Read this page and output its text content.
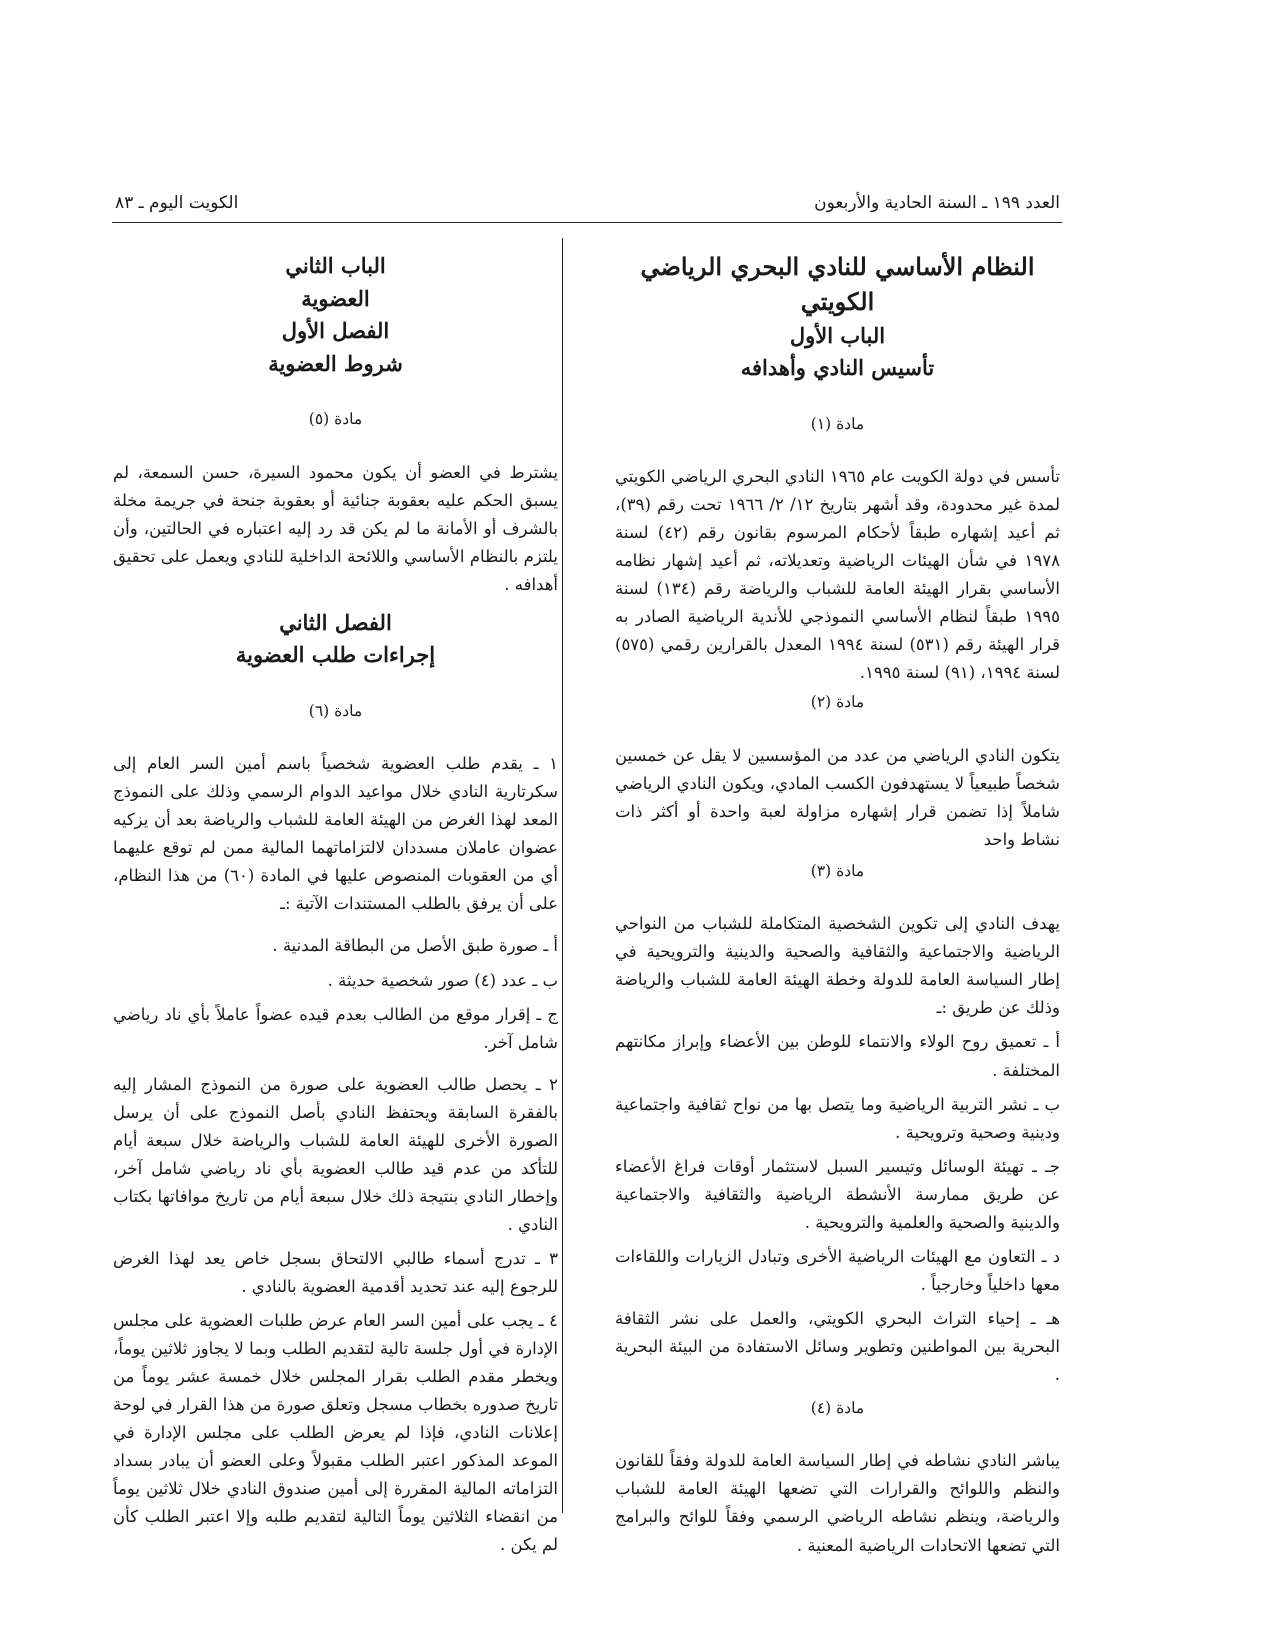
العدد ١٩٩ ـ السنة الحادية والأربعون
الكويت اليوم ـ ٨٣
النظام الأساسي للنادي البحري الرياضي الكويتي
الباب الأول
تأسيس النادي وأهدافه
مادة (١)

تأسس في دولة الكويت عام ١٩٦٥ النادي البحري الرياضي الكويتي لمدة غير محدودة، وقد أشهر بتاريخ ١٢/ ٢/ ١٩٦٦ تحت رقم (٣٩)، ثم أعيد إشهاره طبقاً لأحكام المرسوم بقانون رقم (٤٢) لسنة ١٩٧٨ في شأن الهيئات الرياضية وتعديلاته، ثم أعيد إشهار نظامه الأساسي بقرار الهيئة العامة للشباب والرياضة رقم (١٣٤) لسنة ١٩٩٥ طبقاً لنظام الأساسي النموذجي للأندية الرياضية الصادر به قرار الهيئة رقم (٥٣١) لسنة ١٩٩٤ المعدل بالقرارين رقمي (٥٧٥) لسنة ١٩٩٤، (٩١) لسنة ١٩٩٥.

مادة (٢)

يتكون النادي الرياضي من عدد من المؤسسين لا يقل عن خمسين شخصاً طبيعياً لا يستهدفون الكسب المادي، ويكون النادي الرياضي شاملاً إذا تضمن قرار إشهاره مزاولة لعبة واحدة أو أكثر ذات نشاط واحد

مادة (٣)

يهدف النادي إلى تكوين الشخصية المتكاملة للشباب من النواحي الرياضية والاجتماعية والثقافية والصحية والدينية والترويحية في إطار السياسة العامة للدولة وخطة الهيئة العامة للشباب والرياضة وذلك عن طريق :ـ

أ ـ تعميق روح الولاء والانتماء للوطن بين الأعضاء وإبراز مكانتهم المختلفة .

ب ـ نشر التربية الرياضية وما يتصل بها من نواح ثقافية واجتماعية ودينية وصحية وترويحية .

جـ ـ تهيئة الوسائل وتيسير السبل لاستثمار أوقات فراغ الأعضاء عن طريق ممارسة الأنشطة الرياضية والثقافية والاجتماعية والدينية والصحية والعلمية والترويحية .

د ـ التعاون مع الهيئات الرياضية الأخرى وتبادل الزيارات واللقاءات معها داخلياً وخارجياً .

هـ ـ إحياء التراث البحري الكويتي، والعمل على نشر الثقافة البحرية بين المواطنين وتطوير وسائل الاستفادة من البيئة البحرية .

مادة (٤)

يباشر النادي نشاطه في إطار السياسة العامة للدولة وفقاً للقانون والنظم واللوائح والقرارات التي تضعها الهيئة العامة للشباب والرياضة، وينظم نشاطه الرياضي الرسمي وفقاً للوائح والبرامج التي تضعها الاتحادات الرياضية المعنية .

الباب الثاني
العضوية
الفصل الأول
شروط العضوية
مادة (٥)

يشترط في العضو أن يكون محمود السيرة، حسن السمعة، لم يسبق الحكم عليه بعقوبة جنائية أو بعقوبة جنحة في جريمة مخلة بالشرف أو الأمانة ما لم يكن قد رد إليه اعتباره في الحالتين، وأن يلتزم بالنظام الأساسي واللائحة الداخلية للنادي ويعمل على تحقيق أهدافه .

الفصل الثاني
إجراءات طلب العضوية
مادة (٦)

١ ـ يقدم طلب العضوية شخصياً باسم أمين السر العام إلى سكرتارية النادي خلال مواعيد الدوام الرسمي وذلك على النموذج المعد لهذا الغرض من الهيئة العامة للشباب والرياضة بعد أن يزكيه عضوان عاملان مسددان لالتزاماتهما المالية ممن لم توقع عليهما أي من العقوبات المنصوص عليها في المادة (٦٠) من هذا النظام، على أن يرفق بالطلب المستندات الآتية :ـ

أ ـ صورة طبق الأصل من البطاقة المدنية .

ب ـ عدد (٤) صور شخصية حديثة .

ج ـ إقرار موقع من الطالب بعدم قيده عضواً عاملاً بأي ناد رياضي شامل آخر.

٢ ـ يحصل طالب العضوية على صورة من النموذج المشار إليه بالفقرة السابقة ويحتفظ النادي بأصل النموذج على أن يرسل الصورة الأخرى للهيئة العامة للشباب والرياضة خلال سبعة أيام للتأكد من عدم قيد طالب العضوية بأي ناد رياضي شامل آخر، وإخطار النادي بنتيجة ذلك خلال سبعة أيام من تاريخ موافاتها بكتاب النادي .

٣ ـ تدرج أسماء طالبي الالتحاق بسجل خاص يعد لهذا الغرض للرجوع إليه عند تحديد أقدمية العضوية بالنادي .

٤ ـ يجب على أمين السر العام عرض طلبات العضوية على مجلس الإدارة في أول جلسة تالية لتقديم الطلب وبما لا يجاوز ثلاثين يوماً، ويخطر مقدم الطلب بقرار المجلس خلال خمسة عشر يوماً من تاريخ صدوره بخطاب مسجل وتعلق صورة من هذا القرار في لوحة إعلانات النادي، فإذا لم يعرض الطلب على مجلس الإدارة في الموعد المذكور اعتبر الطلب مقبولاً وعلى العضو أن يبادر بسداد التزاماته المالية المقررة إلى أمين صندوق النادي خلال ثلاثين يوماً من انقضاء الثلاثين يوماً التالية لتقديم طلبه وإلا اعتبر الطلب كأن لم يكن .
